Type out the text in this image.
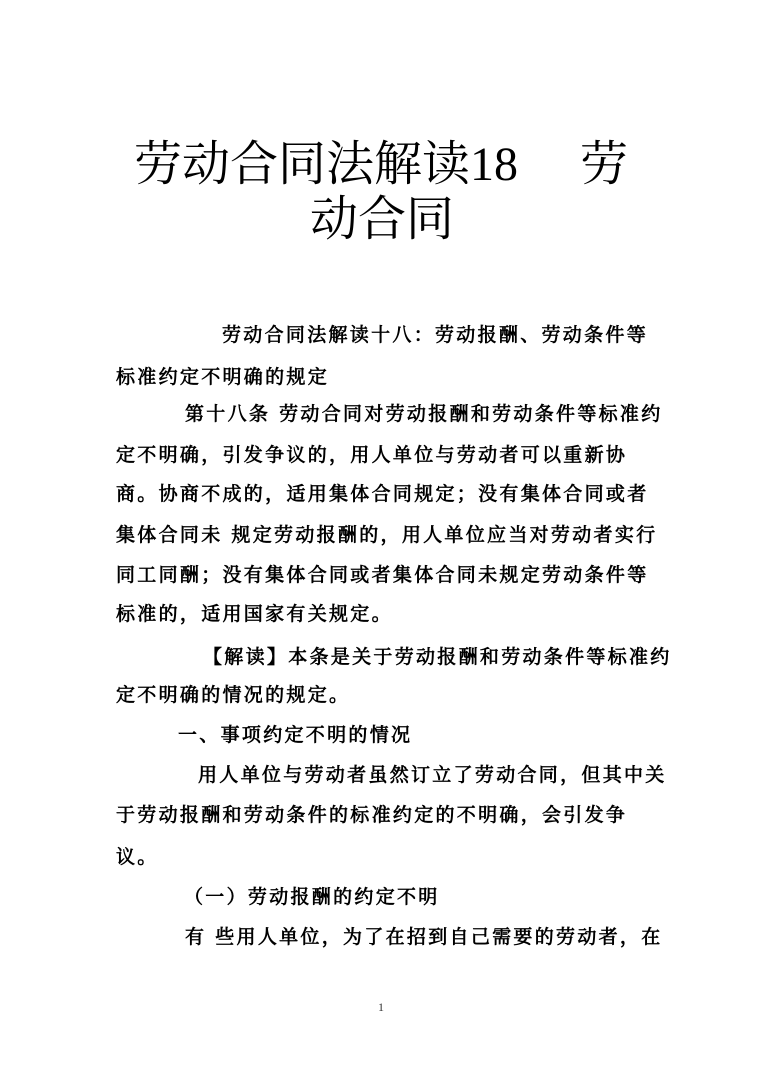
劳动合同法解读18 劳
动合同

劳动合同法解读十八：劳动报酬、劳动条件等

标准约定不明确的规定

第十八条 劳动合同对劳动报酬和劳动条件等标准约

定不明确，引发争议的，用人单位与劳动者可以重新协

商。协商不成的，适用集体合同规定；没有集体合同或者

集体合同未 规定劳动报酬的，用人单位应当对劳动者实行

同工同酬；没有集体合同或者集体合同未规定劳动条件等

标准的，适用国家有关规定。

【解读】本条是关于劳动报酬和劳动条件等标准约

定不明确的情况的规定。

一、事项约定不明的情况

用人单位与劳动者虽然订立了劳动合同，但其中关

于劳动报酬和劳动条件的标准约定的不明确，会引发争

议。

（一）劳动报酬的约定不明

有 些用人单位，为了在招到自己需要的劳动者，在

1
